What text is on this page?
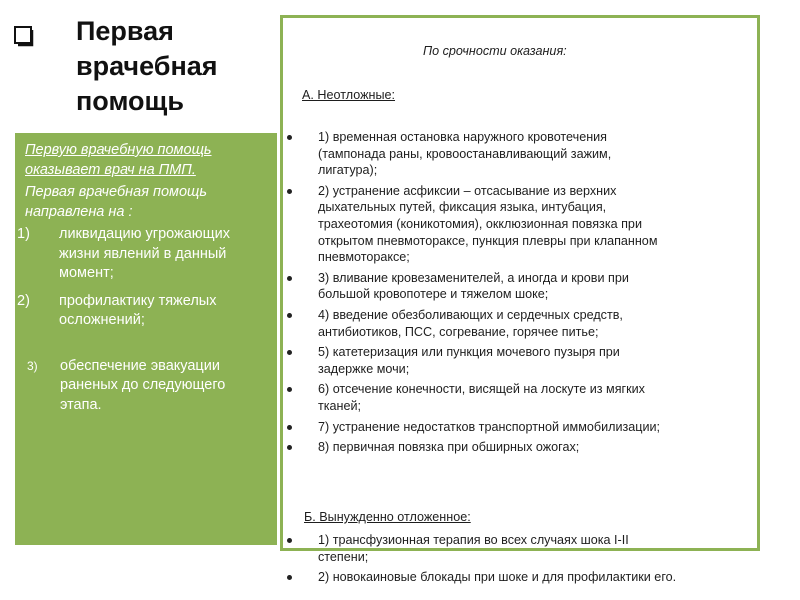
Первая
врачебная
помощь
Первую врачебную помощь
оказывает врач на ПМП.
Первая врачебная помощь
направлена на :
1) ликвидацию угрожающих
жизни явлений в данный
момент;
2) профилактику тяжелых
осложнений;
3) обеспечение эвакуации
раненых до следующего
этапа.
По срочности оказания:
А. Неотложные:
1) временная остановка наружного кровотечения
(тампонада раны, кровоостанавливающий зажим,
лигатура);
2) устранение асфиксии – отсасывание из верхних
дыхательных путей, фиксация языка, интубация,
трахеотомия (коникотомия), окклюзионная повязка при
открытом пневмотораксе, пункция плевры при клапанном
пневмотораксе;
3) вливание кровезаменителей, а иногда и крови при
большой кровопотере и тяжелом шоке;
4) введение обезболивающих и сердечных средств,
антибиотиков, ПСС, согревание, горячее питье;
5) катетеризация или пункция мочевого пузыря при
задержке мочи;
6) отсечение конечности, висящей на лоскуте из мягких
тканей;
7) устранение недостатков транспортной иммобилизации;
8) первичная повязка при обширных ожогах;
Б. Вынужденно отложенное:
1) трансфузионная терапия во всех случаях шока I-II
степени;
2) новокаиновые блокады при шоке и для профилактики его.
